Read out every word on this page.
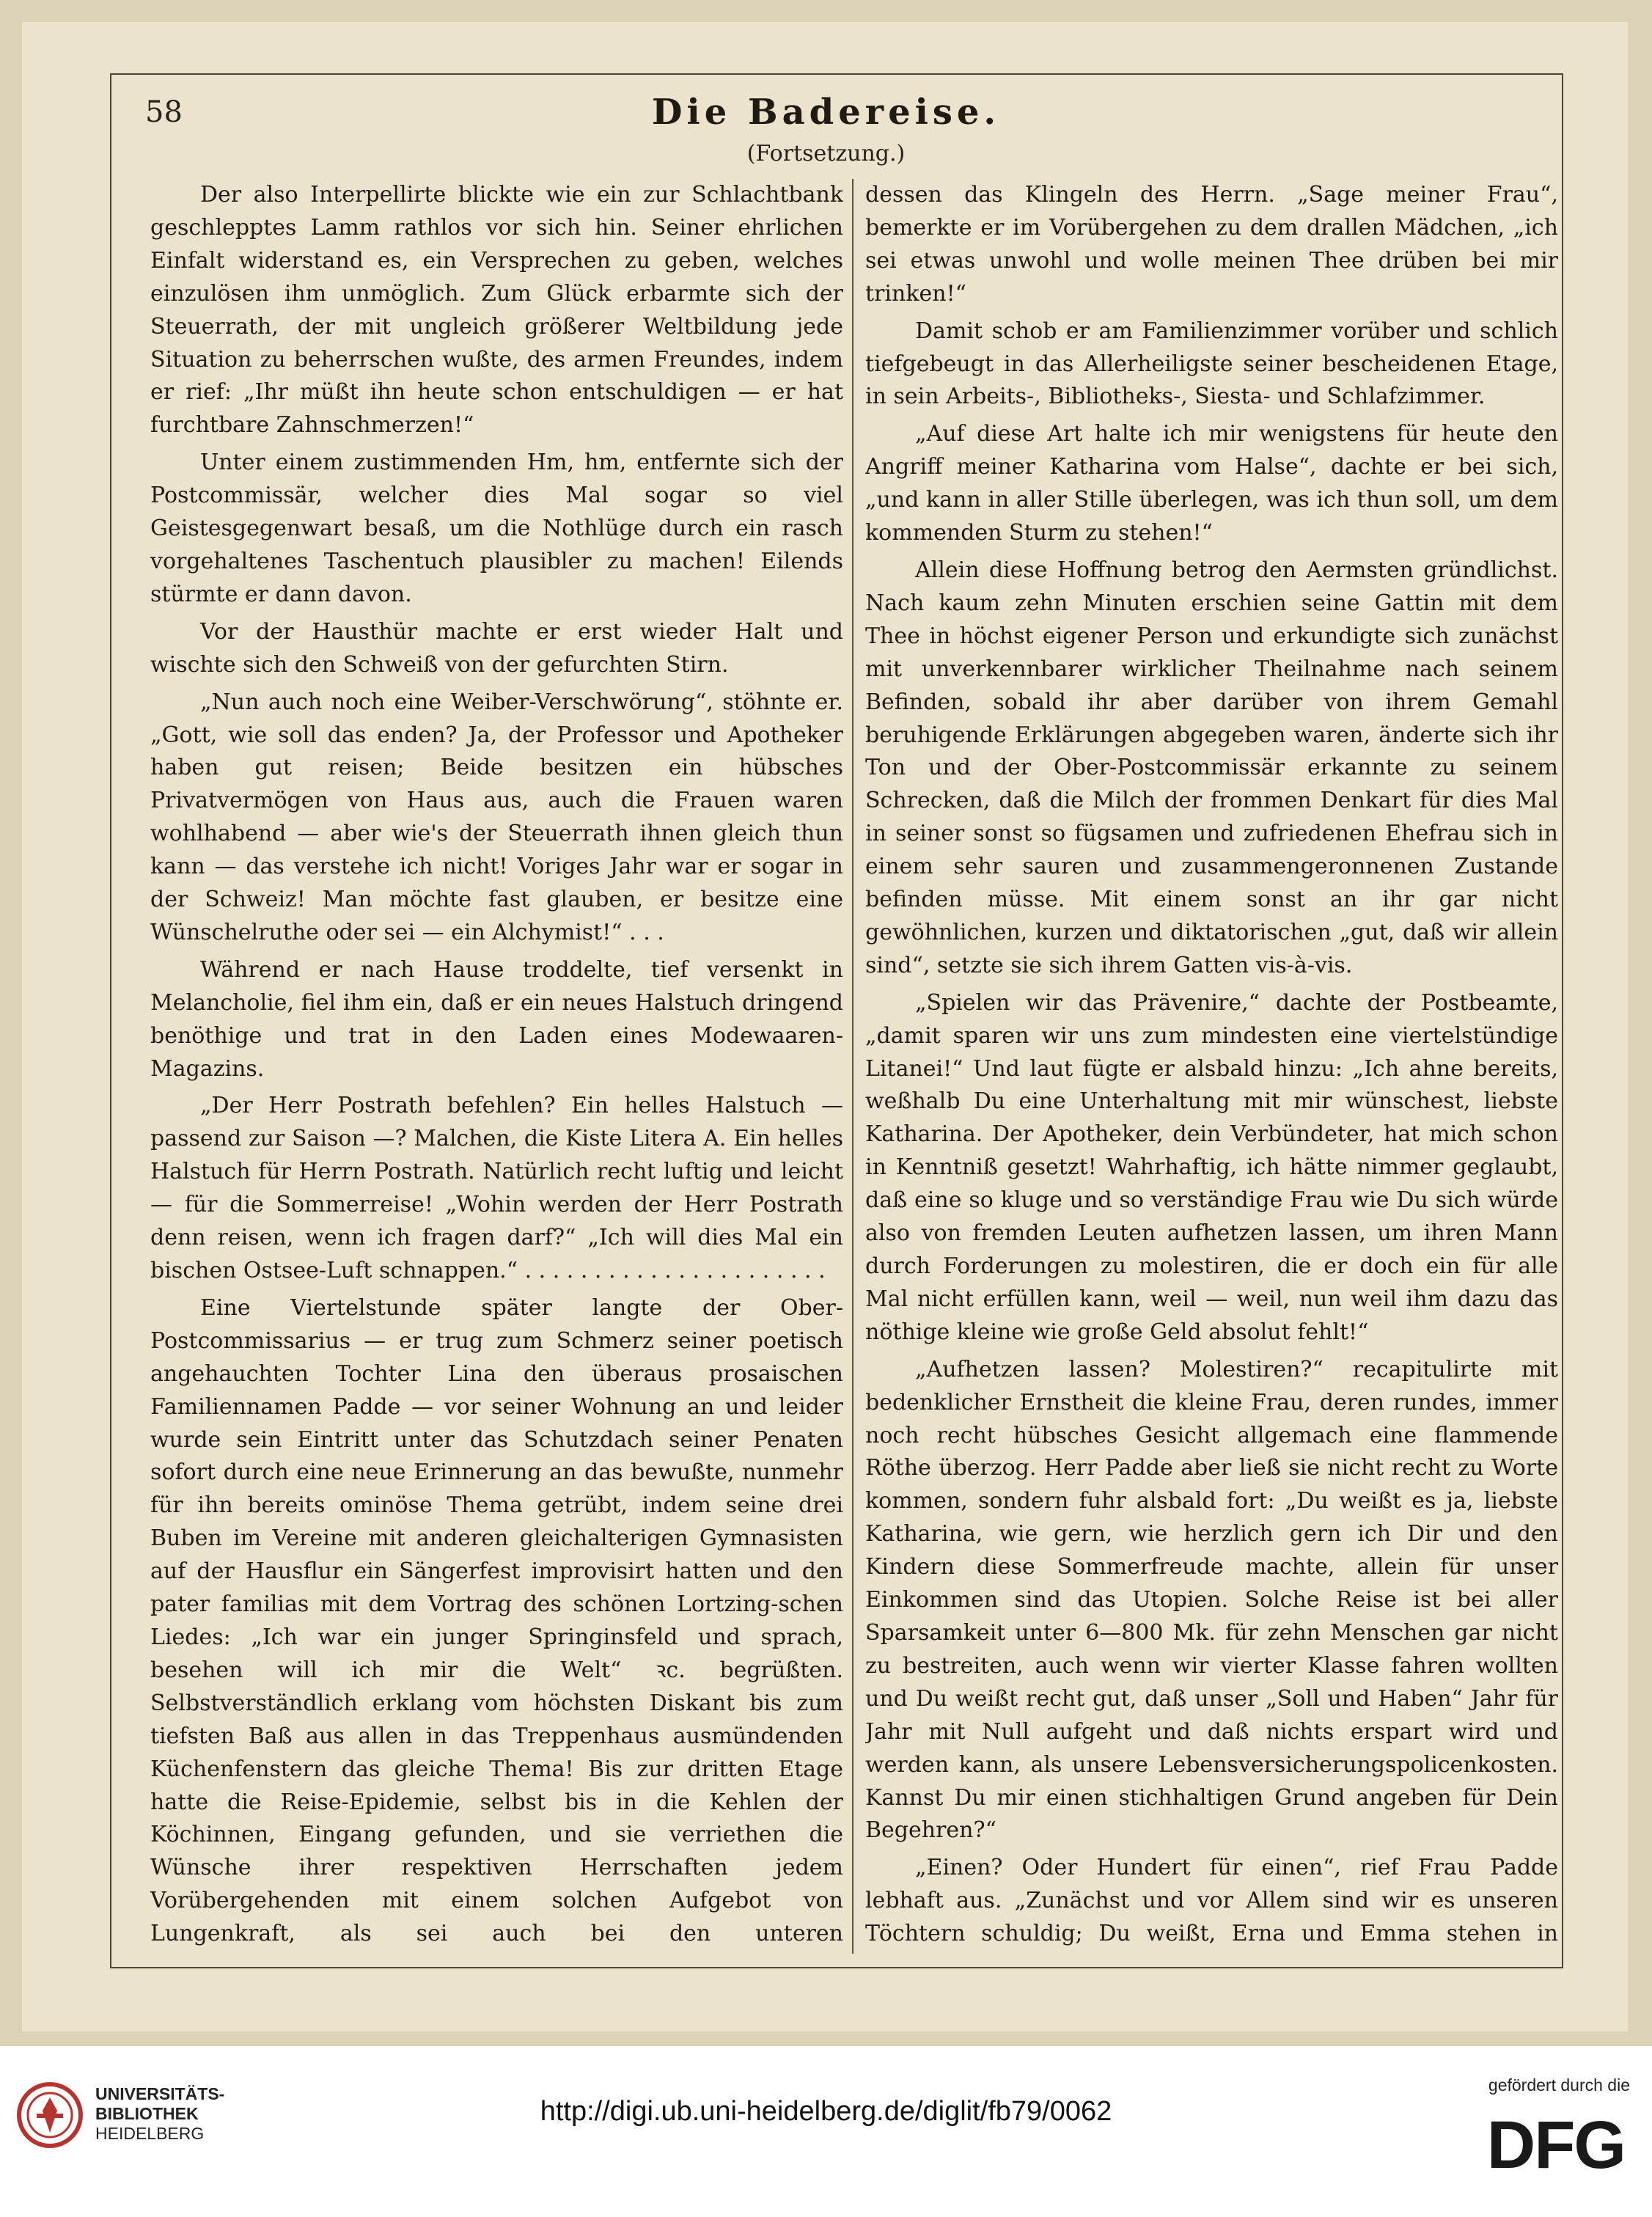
58	Die Badereise.
(Fortsetzung.)

Der also Interpellirte blickte wie ein zur Schlachtbank geschlepptes Lamm rathlos vor sich hin. Seiner ehrlichen Einfalt widerstand es, ein Versprechen zu geben, welches einzulösen ihm unmöglich. Zum Glück erbarmte sich der Steuerrath, der mit ungleich größerer Weltbildung jede Situation zu beherrschen wußte, des armen Freundes, indem er rief: „Ihr müßt ihn heute schon entschuldigen — er hat furchtbare Zahnschmerzen!“

Unter einem zustimmenden Hm, hm, entfernte sich der Postcommissär, welcher dies Mal sogar so viel Geistesgegenwart besaß, um die Nothlüge durch ein rasch vorgehaltenes Taschentuch plausibler zu machen! Eilends stürmte er dann davon.

Vor der Hausthür machte er erst wieder Halt und wischte sich den Schweiß von der gefurchten Stirn.

„Nun auch noch eine Weiber-Verschwörung“, stöhnte er. „Gott, wie soll das enden? Ja, der Professor und Apotheker haben gut reisen; Beide besitzen ein hübsches Privatvermögen von Haus aus, auch die Frauen waren wohlhabend — aber wie's der Steuerrath ihnen gleich thun kann — das verstehe ich nicht! Voriges Jahr war er sogar in der Schweiz! Man möchte fast glauben, er besitze eine Wünschelruthe oder sei — ein Alchymist!“ . . .

Während er nach Hause troddelte, tief versenkt in Melancholie, fiel ihm ein, daß er ein neues Halstuch dringend benöthige und trat in den Laden eines Modewaaren-Magazins.

„Der Herr Postrath befehlen? Ein helles Halstuch — passend zur Saison —? Malchen, die Kiste Litera A. Ein helles Halstuch für Herrn Postrath. Natürlich recht luftig und leicht — für die Sommerreise! „Wohin werden der Herr Postrath denn reisen, wenn ich fragen darf?“ „Ich will dies Mal ein bischen Ostsee-Luft schnappen.“ . . . . . . . . . . . . . . . . . . . . . .

Eine Viertelstunde später langte der Ober-Postcommissarius — er trug zum Schmerz seiner poetisch angehauchten Tochter Lina den überaus prosaischen Familiennamen Padde — vor seiner Wohnung an und leider wurde sein Eintritt unter das Schutzdach seiner Penaten sofort durch eine neue Erinnerung an das bewußte, nunmehr für ihn bereits ominöse Thema getrübt, indem seine drei Buben im Vereine mit anderen gleichalterigen Gymnasisten auf der Hausflur ein Sängerfest improvisirt hatten und den pater familias mit dem Vortrag des schönen Lortzing-schen Liedes: „Ich war ein junger Springinsfeld und sprach, besehen will ich mir die Welt“ ꝛc. begrüßten. Selbstverständlich erklang vom höchsten Diskant bis zum tiefsten Baß aus allen in das Treppenhaus ausmündenden Küchenfenstern das gleiche Thema! Bis zur dritten Etage hatte die Reise-Epidemie, selbst bis in die Kehlen der Köchinnen, Eingang gefunden, und sie verriethen die Wünsche ihrer respektiven Herrschaften jedem Vorübergehenden mit einem solchen Aufgebot von Lungenkraft, als sei auch bei den unteren

dessen das Klingeln des Herrn. „Sage meiner Frau“, bemerkte er im Vorübergehen zu dem drallen Mädchen, „ich sei etwas unwohl und wolle meinen Thee drüben bei mir trinken!“

Damit schob er am Familienzimmer vorüber und schlich tiefgebeugt in das Allerheiligste seiner bescheidenen Etage, in sein Arbeits-, Bibliotheks-, Siesta- und Schlafzimmer.

„Auf diese Art halte ich mir wenigstens für heute den Angriff meiner Katharina vom Halse“, dachte er bei sich, „und kann in aller Stille überlegen, was ich thun soll, um dem kommenden Sturm zu stehen!“

Allein diese Hoffnung betrog den Aermsten gründlichst. Nach kaum zehn Minuten erschien seine Gattin mit dem Thee in höchst eigener Person und erkundigte sich zunächst mit unverkennbarer wirklicher Theilnahme nach seinem Befinden, sobald ihr aber darüber von ihrem Gemahl beruhigende Erklärungen abgegeben waren, änderte sich ihr Ton und der Ober-Postcommissär erkannte zu seinem Schrecken, daß die Milch der frommen Denkart für dies Mal in seiner sonst so fügsamen und zufriedenen Ehefrau sich in einem sehr sauren und zusammengeronnenen Zustande befinden müsse. Mit einem sonst an ihr gar nicht gewöhnlichen, kurzen und diktatorischen „gut, daß wir allein sind“, setzte sie sich ihrem Gatten vis-à-vis.

„Spielen wir das Prävenire,“ dachte der Postbeamte, „damit sparen wir uns zum mindesten eine viertelstündige Litanei!“ Und laut fügte er alsbald hinzu: „Ich ahne bereits, weßhalb Du eine Unterhaltung mit mir wünschest, liebste Katharina. Der Apotheker, dein Verbündeter, hat mich schon in Kenntniß gesetzt! Wahrhaftig, ich hätte nimmer geglaubt, daß eine so kluge und so verständige Frau wie Du sich würde also von fremden Leuten aufhetzen lassen, um ihren Mann durch Forderungen zu molestiren, die er doch ein für alle Mal nicht erfüllen kann, weil — weil, nun weil ihm dazu das nöthige kleine wie große Geld absolut fehlt!“

„Aufhetzen lassen? Molestiren?“ recapitulirte mit bedenklicher Ernstheit die kleine Frau, deren rundes, immer noch recht hübsches Gesicht allgemach eine flammende Röthe überzog. Herr Padde aber ließ sie nicht recht zu Worte kommen, sondern fuhr alsbald fort: „Du weißt es ja, liebste Katharina, wie gern, wie herzlich gern ich Dir und den Kindern diese Sommerfreude machte, allein für unser Einkommen sind das Utopien. Solche Reise ist bei aller Sparsamkeit unter 6—800 Mk. für zehn Menschen gar nicht zu bestreiten, auch wenn wir vierter Klasse fahren wollten und Du weißt recht gut, daß unser „Soll und Haben“ Jahr für Jahr mit Null aufgeht und daß nichts erspart wird und werden kann, als unsere Lebensversicherungspolicenkosten. Kannst Du mir einen stichhaltigen Grund angeben für Dein Begehren?“

„Einen? Oder Hundert für einen“, rief Frau Padde lebhaft aus. „Zunächst und vor Allem sind wir es unseren Töchtern schuldig; Du weißt, Erna und Emma stehen in

UNIVERSITÄTS-
BIBLIOTHEK
HEIDELBERG
http://digi.ub.uni-heidelberg.de/diglit/fb79/0062
gefördert durch die
DFG
